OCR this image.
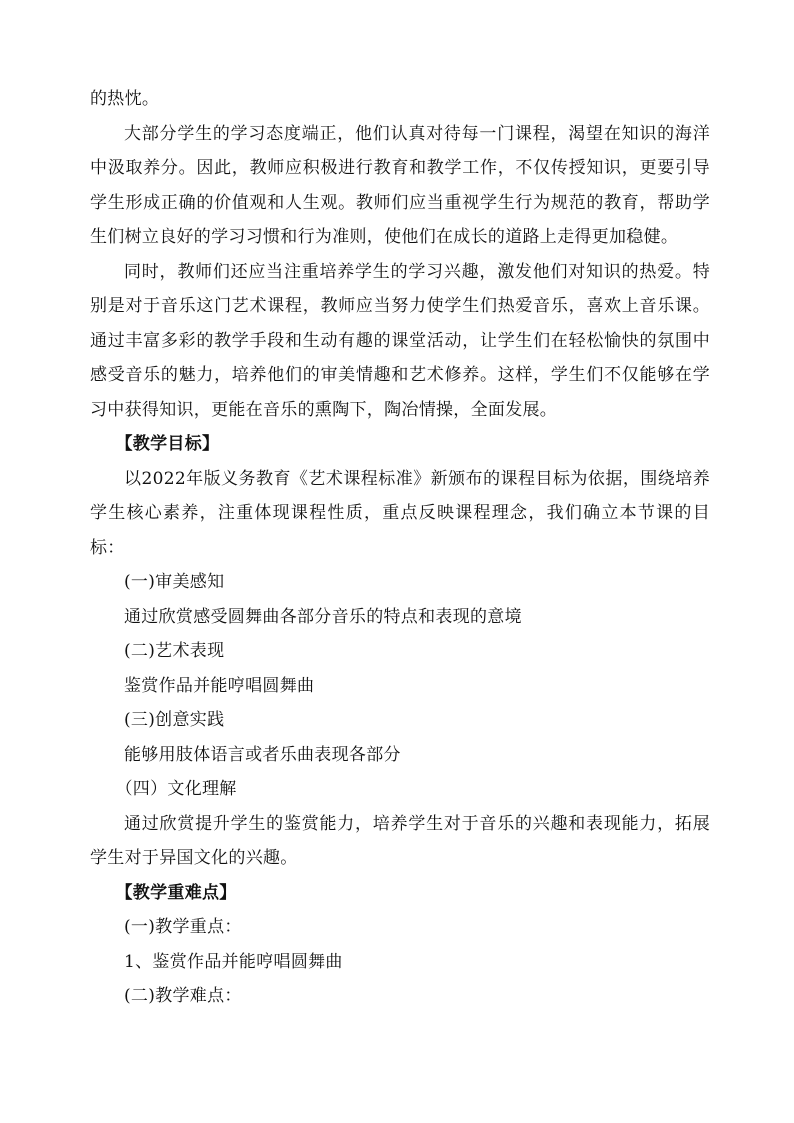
的热忱。

大部分学生的学习态度端正，他们认真对待每一门课程，渴望在知识的海洋中汲取养分。因此，教师应积极进行教育和教学工作，不仅传授知识，更要引导学生形成正确的价值观和人生观。教师们应当重视学生行为规范的教育，帮助学生们树立良好的学习习惯和行为准则，使他们在成长的道路上走得更加稳健。

同时，教师们还应当注重培养学生的学习兴趣，激发他们对知识的热爱。特别是对于音乐这门艺术课程，教师应当努力使学生们热爱音乐，喜欢上音乐课。通过丰富多彩的教学手段和生动有趣的课堂活动，让学生们在轻松愉快的氛围中感受音乐的魅力，培养他们的审美情趣和艺术修养。这样，学生们不仅能够在学习中获得知识，更能在音乐的熏陶下，陶冶情操，全面发展。

【教学目标】

以2022年版义务教育《艺术课程标准》新颁布的课程目标为依据，围绕培养学生核心素养，注重体现课程性质，重点反映课程理念，我们确立本节课的目标：

(一)审美感知

通过欣赏感受圆舞曲各部分音乐的特点和表现的意境

(二)艺术表现

鉴赏作品并能哼唱圆舞曲

(三)创意实践

能够用肢体语言或者乐曲表现各部分

（四）文化理解

通过欣赏提升学生的鉴赏能力，培养学生对于音乐的兴趣和表现能力，拓展学生对于异国文化的兴趣。

【教学重难点】

(一)教学重点：

1、鉴赏作品并能哼唱圆舞曲

(二)教学难点：
